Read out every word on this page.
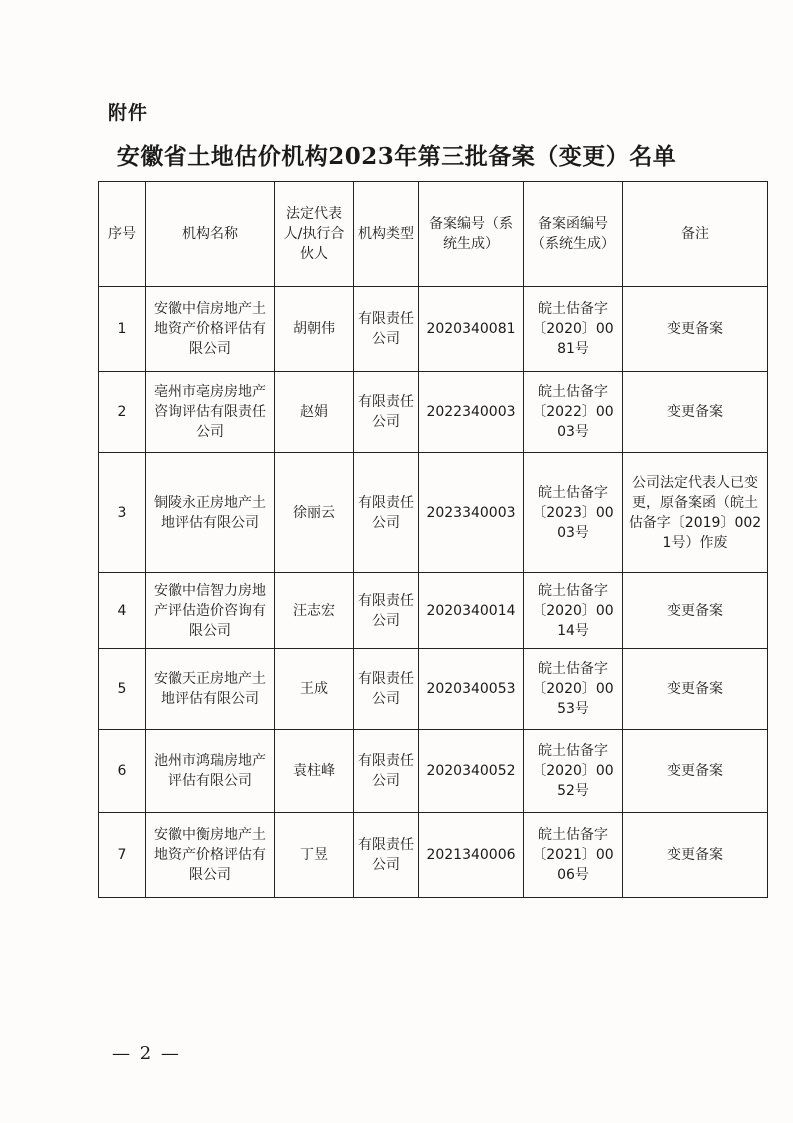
附件
安徽省土地估价机构2023年第三批备案（变更）名单
序号	机构名称	法定代表人/执行合伙人	机构类型	备案编号（系统生成）	备案函编号（系统生成）	备注
1	安徽中信房地产土地资产价格评估有限公司	胡朝伟	有限责任公司	2020340081	皖土估备字〔2020〕0081号	变更备案
2	亳州市亳房房地产咨询评估有限责任公司	赵娟	有限责任公司	2022340003	皖土估备字〔2022〕0003号	变更备案
3	铜陵永正房地产土地评估有限公司	徐丽云	有限责任公司	2023340003	皖土估备字〔2023〕0003号	公司法定代表人已变更，原备案函（皖土估备字〔2019〕0021号）作废
4	安徽中信智力房地产评估造价咨询有限公司	汪志宏	有限责任公司	2020340014	皖土估备字〔2020〕0014号	变更备案
5	安徽天正房地产土地评估有限公司	王成	有限责任公司	2020340053	皖土估备字〔2020〕0053号	变更备案
6	池州市鸿瑞房地产评估有限公司	袁柱峰	有限责任公司	2020340052	皖土估备字〔2020〕0052号	变更备案
7	安徽中衡房地产土地资产价格评估有限公司	丁昱	有限责任公司	2021340006	皖土估备字〔2021〕0006号	变更备案
— 2 —
